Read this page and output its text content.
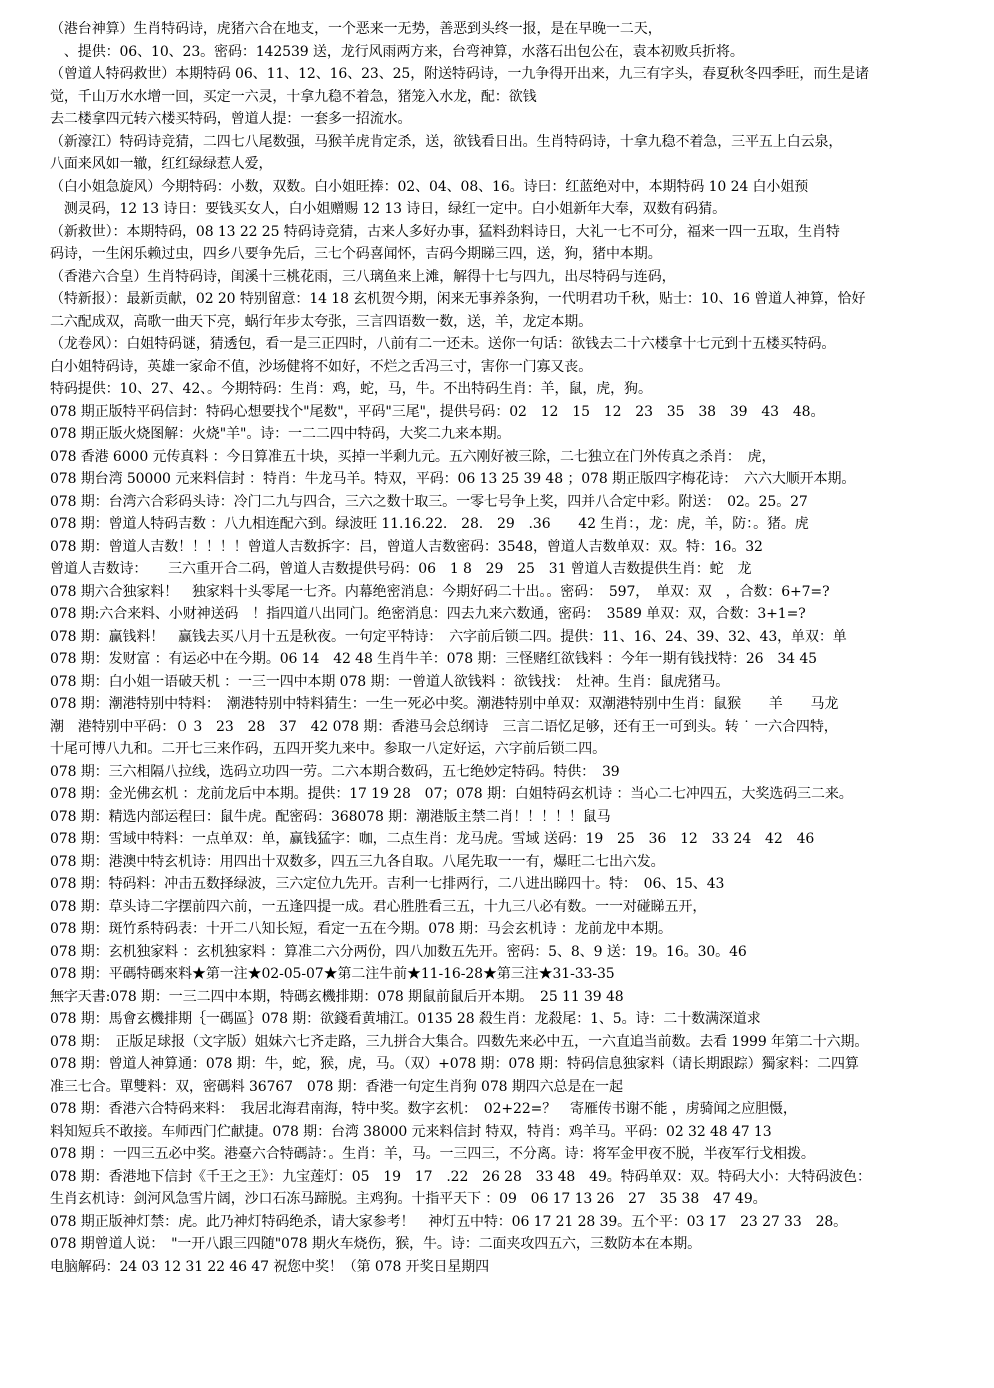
（港台神算）生肖特码诗，虎猪六合在地支，一个恶来一无势，善恶到头终一报，是在早晚一二天，
　、提供：06、10、23。密码：142539 送，龙行风雨两方来，台弯神算，水落石出包公在，袁本初败兵折将。
（曾道人特码救世）本期特码 06、11、12、16、23、25，附送特码诗，一九争得开出来，九三有字头，春夏秋冬四季旺，而生是诸
觉，千山万水水增一回，买定一六灵，十拿九稳不着急，猪笼入水龙，配：欲钱
去二楼拿四元转六楼买特码，曾道人提：一套多一招流水。
（新濠江）特码诗竞猜，二四七八尾数强，马猴羊虎肯定杀，送，欲钱看日出。生肖特码诗，十拿九稳不着急，三平五上白云泉，
八面来风如一辙，红红绿绿惹人爱，
（白小姐急旋风）今期特码：小数，双数。白小姐旺捧：02、04、08、16。诗曰：红蓝绝对中，本期特码 10 24 白小姐预
　测灵码，12 13 诗日：要钱买女人，白小姐赠赐 12 13 诗日，绿红一定中。白小姐新年大奉，双数有码猜。
（新救世）：本期特码，08 13 22 25 特码诗竞猜，古来人多好办事，猛料劲料诗日，大礼一七不可分，福来一四一五取，生肖特
码诗，一生闲乐赖过虫，四乡八要争先后，三七个码喜闻怀，吉码今期睇三四，送，狗，猪中本期。
（香港六合皇）生肖特码诗，闺溪十三桃花雨，三八璃鱼来上滩，解得十七与四九，出尽特码与连码，
（特新报）：最新贡献，02 20 特别留意：14 18 玄机贺今期，闲来无事养条狗，一代明君功千秋，贴士：10、16 曾道人神算，恰好
二六配成双，高歌一曲天下亮，蜗行年步太夸张，三言四语数一数，送，羊，龙定本期。
（龙卷风）：白姐特码谜，猜透包，看一是三正四时，八前有二一还未。送你一句话：欲钱去二十六楼拿十七元到十五楼买特码。
白小姐特码诗，英雄一家命不值，沙场健将不如好，不烂之舌冯三寸，害你一门寡又丧。
特码提供：10、27、42、。今期特码：生肖：鸡，蛇，马，牛。不出特码生肖：羊，鼠，虎，狗。
078 期正版特平码信封：特码心想要找个"尾数"，平码"三尾"，提供号码：02　12　15　12　23　35　38　39　43　48。
078 期正版火烧图解：火烧"羊"。诗：一二二四中特码，大奖二九来本期。
078 香港 6000 元传真料 ：今日算准五十块，买掉一半剩九元。五六刚好被三除，二七独立在门外传真之杀肖：　虎，
078 期台湾 50000 元来料信封 ：特肖：牛龙马羊。特双，平码：06 13 25 39 48 ；078 期正版四字梅花诗：　六六大顺开本期。
078 期：台湾六合彩码头诗：冷门二九与四合，三六之数十取三。一零七号争上奖，四并八合定中彩。附送：　02。25。27
078 期：曾道人特码吉数 ：八九相连配六到。绿波旺 11.16.22.　28.　29　.36　　42 生肖：，龙：虎，羊，防：。猪。虎
078 期：曾道人吉数！！！！！曾道人吉数拆字：吕，曾道人吉数密码：3548，曾道人吉数单双：双。特：16。32
曾道人吉数诗：　　三六重开合二码，曾道人吉数提供号码：06　1 8　29　25　31 曾道人吉数提供生肖：蛇　龙
078 期六合独家料！　独家料十头零尾一七齐。内幕绝密消息：今期好码二十出。。密码：　597，　单双：双　，合数：6+7=?
078 期:六合来料、小财神送码　！指四道八出同门。绝密消息：四去九来六数通，密码：　3589 单双：双，合数：3+1=?
078 期：赢钱料！　赢钱去买八月十五是秋夜。一句定平特诗：　六字前后锁二四。提供：11、16、24、39、32、43，单双：单
078 期：发财富 ：有运必中在今期。06 14　42 48 生肖牛羊：078 期：三怪赌红欲钱料 ：今年一期有钱找特：26　34 45
078 期：白小姐一语破天机 ：一三一四中本期 078 期：一曾道人欲钱料 ：欲钱找：　灶神。生肖：鼠虎猪马。
078 期：潮港特别中特料：　潮港特别中特料猜生：一生一死必中奖。潮港特别中单双：双潮港特别中生肖：鼠猴　　羊　　马龙
潮　港特别中平码：０ 3　23　28　37　42 078 期：香港马会总纲诗　三言二语忆足够，还有王一可到头。转 ˙ 一六合四特，
十尾可博八九和。二开七三来作码，五四开奖九来中。参取一八定好运，六字前后锁二四。
078 期：三六相隔八拉线，选码立功四一劳。二六本期合数码，五七绝妙定特码。特供：　39
078 期：金光佛玄机 ：龙前龙后中本期。提供：17 19 28　07；078 期：白姐特码玄机诗 ：当心二七冲四五，大奖选码三二来。
078 期：精选内部运程曰：鼠牛虎。配密码：368078 期：潮港版主禁二肖！！！！！鼠马
078 期：雪域中特料：一点单双：单，赢钱猛字：咖，二点生肖：龙马虎。雪域 送码：19　25　36　12　33 24　42　46
078 期：港澳中特玄机诗：用四出十双数多，四五三九各自取。八尾先取一一有，爆旺二七出六发。
078 期：特码料：冲击五数择绿波，三六定位九先开。吉利一七排两行，二八进出睇四十。特：　06、15、43
078 期：草头诗二字摆前四六前，一五逢四提一成。君心胜胜看三五，十九三八必有数。一一对碰睇五开，
078 期：斑竹系特码表：十开二八知长短，看定一五在今期。078 期：马会玄机诗 ：龙前龙中本期。
078 期：玄机独家料 ：玄机独家料 ：算准二六分两份，四八加数五先开。密码：5、8、9 送：19。16。30。46
078 期：平碼特碼來料★第一注★02-05-07★第二注牛前★11-16-28★第三注★31-33-35
無字天書:078 期：一三二四中本期，特碼玄機排期：078 期鼠前鼠后开本期。　25 11 39 48
078 期：馬會玄機排期｛一碼區｝078 期：欲錢看黄埔江。0135 28 殺生肖：龙殺尾：1、5。诗：二十数满深道求
078 期：　正版足球报（文字版）姐妹六七齐走路，三九拼合大集合。四数先来必中五，一六直追当前数。去看 1999 年第二十六期。
078 期：曾道人神算通：078 期：牛，蛇，猴，虎，马。（双）+078 期：078 期：特码信息独家料（请长期跟踪）獨家料：二四算
准三七合。單雙料：双，密碼料 36767　078 期：香港一句定生肖狗 078 期四六总是在一起
078 期：香港六合特码来料：　我居北海君南海，特中奖。数字玄机：　02+22=？　寄雁传书谢不能 ，虏骑闻之应胆慑，
料知短兵不敢接。车师西门伫献捷。078 期：台湾 38000 元来料信封 特双，特肖：鸡羊马。平码：02 32 48 47 13
078 期 ：一四三五必中奖。港臺六合特碼詩：。生肖：羊，马。一三四三，不分离。诗：将军金甲夜不脱，半夜军行戈相拨。
078 期：香港地下信封《千王之王》：九宝莲灯：05　19　17　.22　26 28　33 48　49。特码单双：双。特码大小：大特码波色：
生肖玄机诗：剑河风急雪片阔，沙口石冻马蹄脱。主鸡狗。十指平天下 ：09　06 17 13 26　27　35 38　47 49。
078 期正版神灯禁：虎。此乃神灯特码绝杀，请大家参考！　神灯五中特：06 17 21 28 39。五个平：03 17　23 27 33　28。
078 期曾道人说：　"一开八跟三四随"078 期火车烧伤，猴，牛。诗：二面夹攻四五六，三数防本在本期。
电脑解码：24 03 12 31 22 46 47 祝您中奖！（第 078 开奖日星期四
